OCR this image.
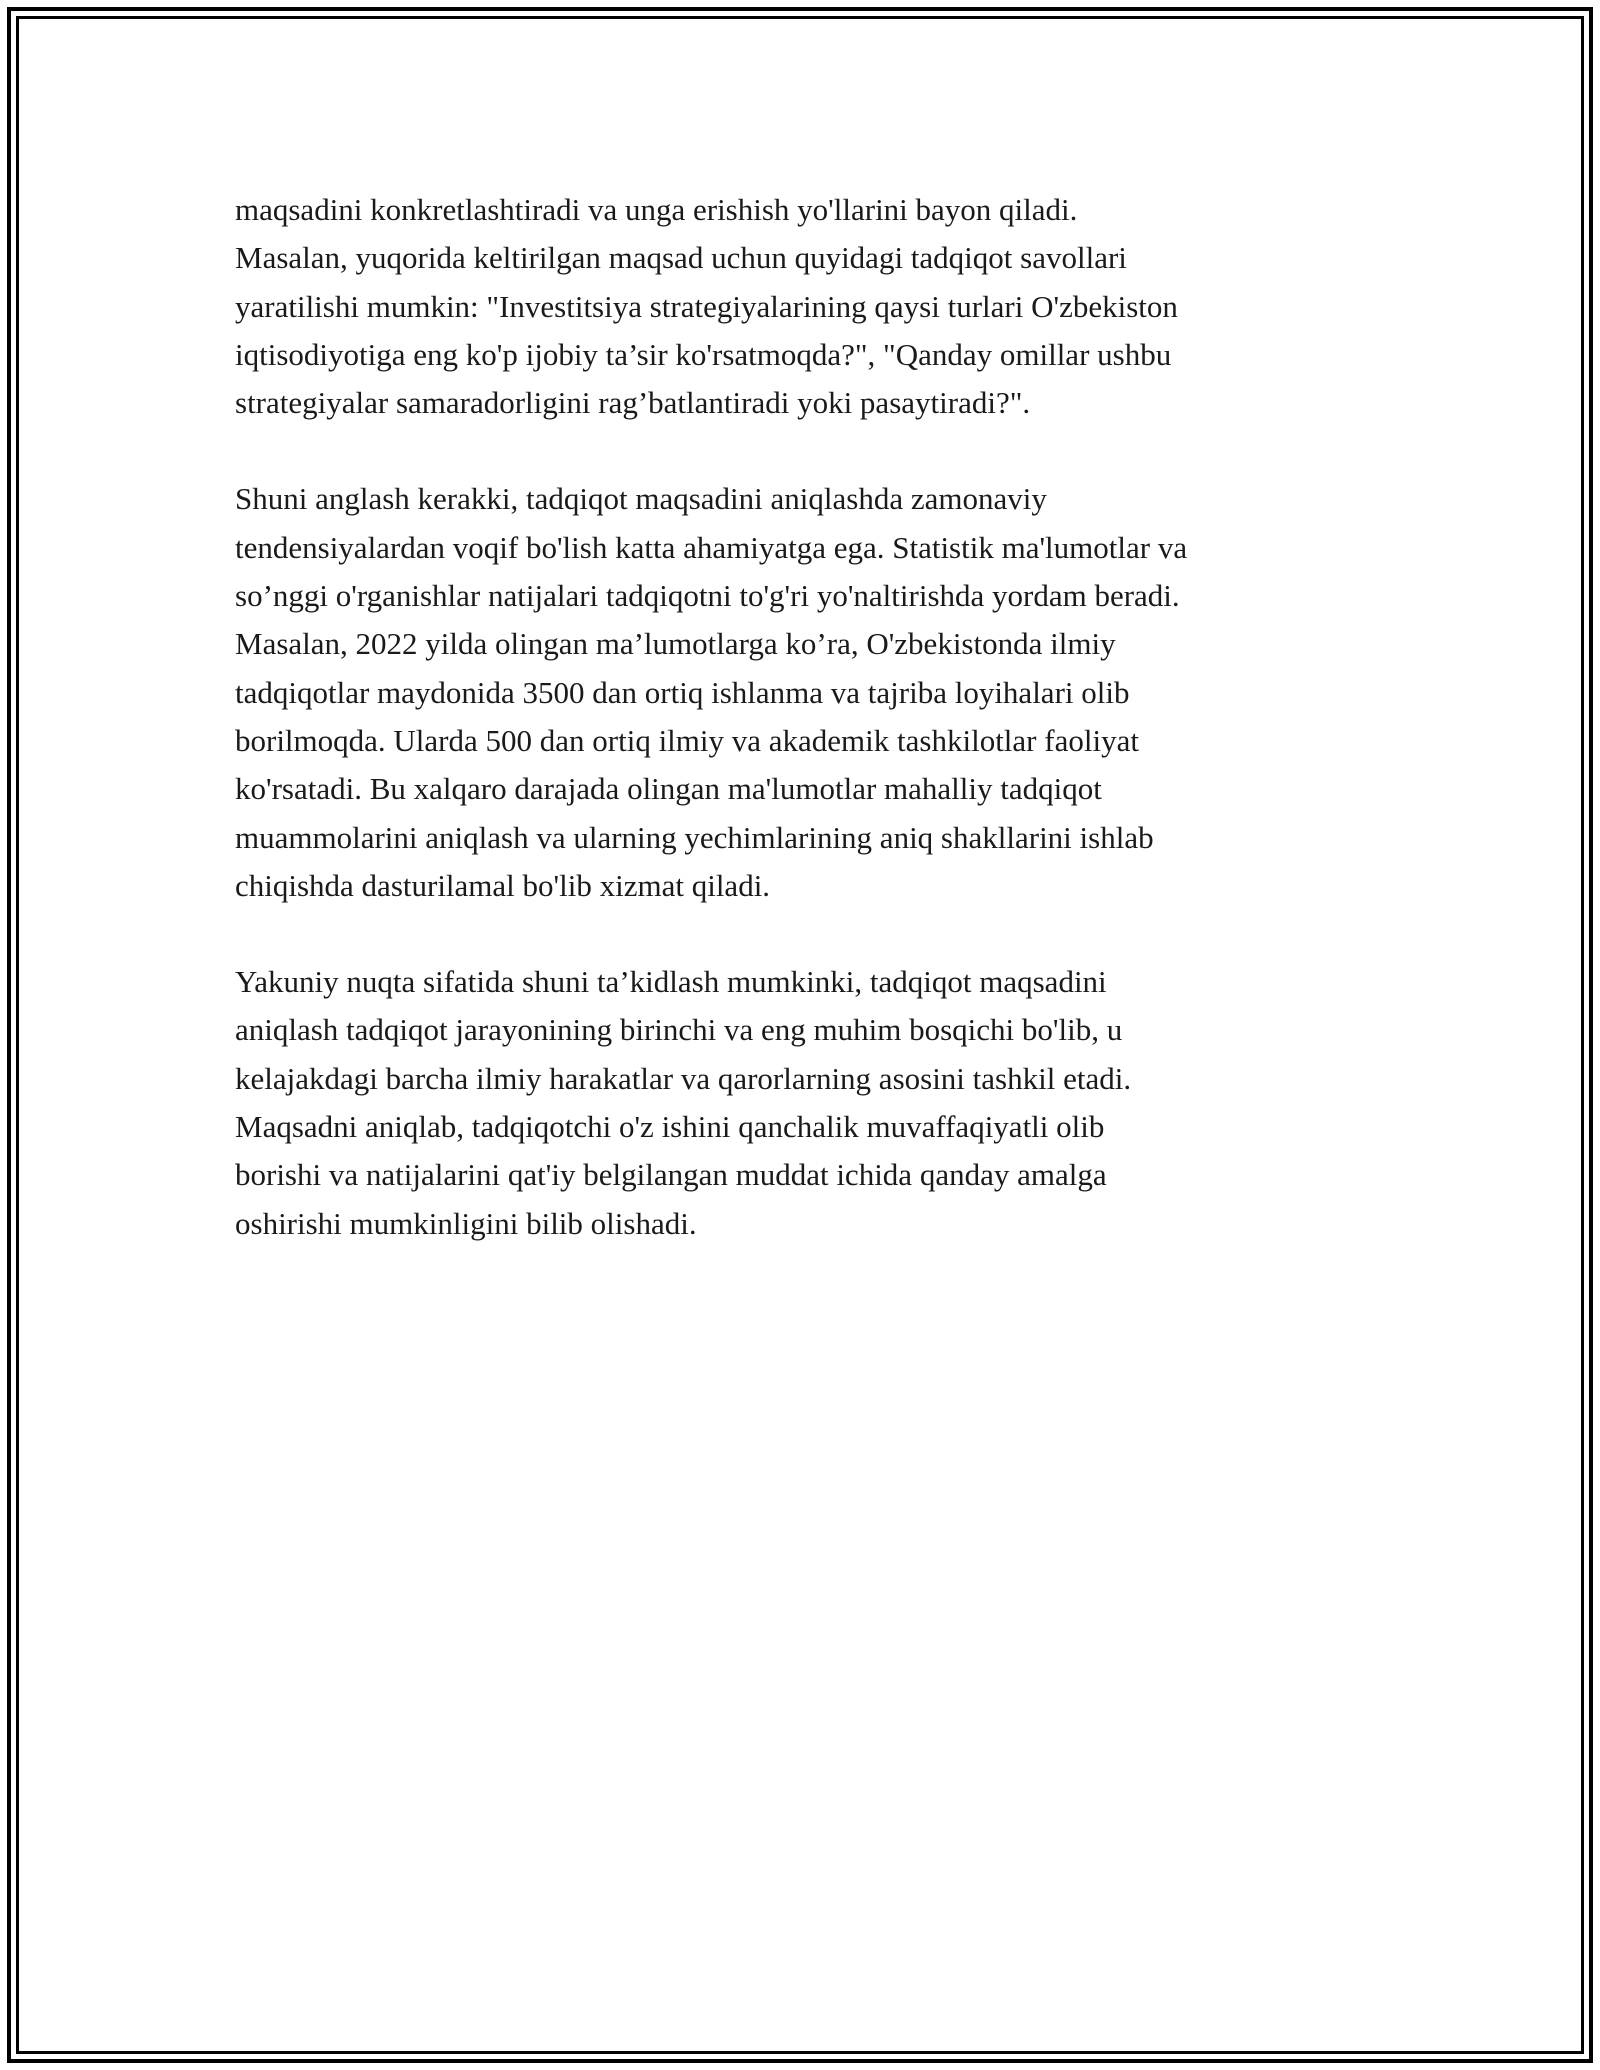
maqsadini konkretlashtiradi va unga erishish yo'llarini bayon qiladi.
Masalan, yuqorida keltirilgan maqsad uchun quyidagi tadqiqot savollari
yaratilishi mumkin: "Investitsiya strategiyalarining qaysi turlari O'zbekiston
iqtisodiyotiga eng ko'p ijobiy ta’sir ko'rsatmoqda?", "Qanday omillar ushbu
strategiyalar samaradorligini rag’batlantiradi yoki pasaytiradi?".

Shuni anglash kerakki, tadqiqot maqsadini aniqlashda zamonaviy
tendensiyalardan voqif bo'lish katta ahamiyatga ega. Statistik ma'lumotlar va
so’nggi o'rganishlar natijalari tadqiqotni to'g'ri yo'naltirishda yordam beradi.
Masalan, 2022 yilda olingan ma’lumotlarga ko’ra, O'zbekistonda ilmiy
tadqiqotlar maydonida 3500 dan ortiq ishlanma va tajriba loyihalari olib
borilmoqda. Ularda 500 dan ortiq ilmiy va akademik tashkilotlar faoliyat
ko'rsatadi. Bu xalqaro darajada olingan ma'lumotlar mahalliy tadqiqot
muammolarini aniqlash va ularning yechimlarining aniq shakllarini ishlab
chiqishda dasturilamal bo'lib xizmat qiladi.

Yakuniy nuqta sifatida shuni ta’kidlash mumkinki, tadqiqot maqsadini
aniqlash tadqiqot jarayonining birinchi va eng muhim bosqichi bo'lib, u
kelajakdagi barcha ilmiy harakatlar va qarorlarning asosini tashkil etadi.
Maqsadni aniqlab, tadqiqotchi o'z ishini qanchalik muvaffaqiyatli olib
borishi va natijalarini qat'iy belgilangan muddat ichida qanday amalga
oshirishi mumkinligini bilib olishadi.
